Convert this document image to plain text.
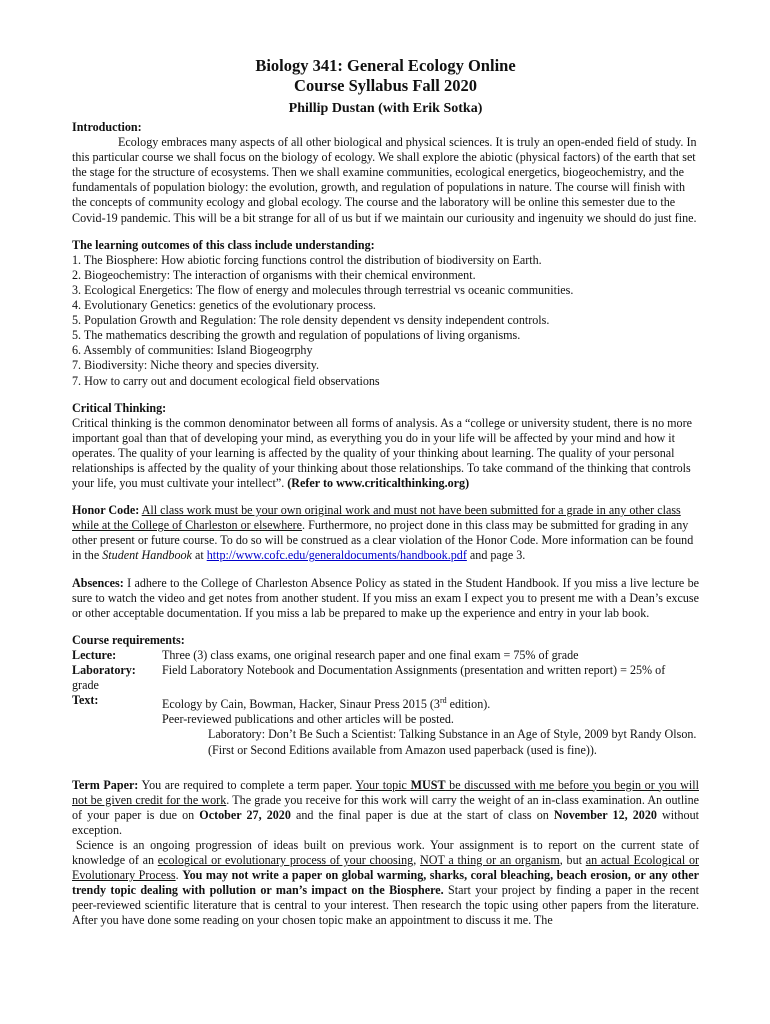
Biology 341: General Ecology Online
Course Syllabus Fall 2020
Phillip Dustan (with Erik Sotka)

Introduction:

Ecology embraces many aspects of all other biological and physical sciences. It is truly an open-ended field of study. In this particular course we shall focus on the biology of ecology. We shall explore the abiotic (physical factors) of the earth that set the stage for the structure of ecosystems. Then we shall examine communities, ecological energetics, biogeochemistry, and the fundamentals of population biology: the evolution, growth, and regulation of populations in nature. The course will finish with the concepts of community ecology and global ecology. The course and the laboratory will be online this semester due to the Covid-19 pandemic. This will be a bit strange for all of us but if we maintain our curiousity and ingenuity we should do just fine.

The learning outcomes of this class include understanding:

1. The Biosphere: How abiotic forcing functions control the distribution of biodiversity on Earth.
2. Biogeochemistry: The interaction of organisms with their chemical environment.
3. Ecological Energetics: The flow of energy and molecules through terrestrial vs oceanic communities.
4. Evolutionary Genetics: genetics of the evolutionary process.
5. Population Growth and Regulation: The role density dependent vs density independent controls.
5. The mathematics describing the growth and regulation of populations of living organisms.
6. Assembly of communities: Island Biogeogrphy
7. Biodiversity: Niche theory and species diversity.
7. How to carry out and document ecological field observations

Critical Thinking:

Critical thinking is the common denominator between all forms of analysis. As a “college or university student, there is no more important goal than that of developing your mind, as everything you do in your life will be affected by your mind and how it operates. The quality of your learning is affected by the quality of your thinking about learning. The quality of your personal relationships is affected by the quality of your thinking about those relationships. To take command of the thinking that controls your life, you must cultivate your intellect”. (Refer to www.criticalthinking.org)

Honor Code: All class work must be your own original work and must not have been submitted for a grade in any other class while at the College of Charleston or elsewhere. Furthermore, no project done in this class may be submitted for grading in any other present or future course. To do so will be construed as a clear violation of the Honor Code. More information can be found in the Student Handbook at http://www.cofc.edu/generaldocuments/handbook.pdf and page 3.

Absences: I adhere to the College of Charleston Absence Policy as stated in the Student Handbook. If you miss a live lecture be sure to watch the video and get notes from another student. If you miss an exam I expect you to present me with a Dean’s excuse or other acceptable documentation. If you miss a lab be prepared to make up the experience and entry in your lab book.

Course requirements:

Lecture:	Three (3) class exams, one original research paper and one final exam = 75% of grade
Laboratory:	Field Laboratory Notebook and Documentation Assignments (presentation and written report) = 25% of

grade

Text:	Ecology by Cain, Bowman, Hacker, Sinaur Press 2015 (3rd edition).
Peer-reviewed publications and other articles will be posted.
Laboratory: Don’t Be Such a Scientist: Talking Substance in an Age of Style, 2009 byt Randy Olson. (First or Second Editions available from Amazon used paperback (used is fine)).

Term Paper: You are required to complete a term paper. Your topic MUST be discussed with me before you begin or you will not be given credit for the work. The grade you receive for this work will carry the weight of an in-class examination. An outline of your paper is due on October 27, 2020 and the final paper is due at the start of class on November 12, 2020 without exception.

Science is an ongoing progression of ideas built on previous work. Your assignment is to report on the current state of knowledge of an ecological or evolutionary process of your choosing, NOT a thing or an organism, but an actual Ecological or Evolutionary Process. You may not write a paper on global warming, sharks, coral bleaching, beach erosion, or any other trendy topic dealing with pollution or man’s impact on the Biosphere. Start your project by finding a paper in the recent peer-reviewed scientific literature that is central to your interest. Then research the topic using other papers from the literature. After you have done some reading on your chosen topic make an appointment to discuss it me. The
